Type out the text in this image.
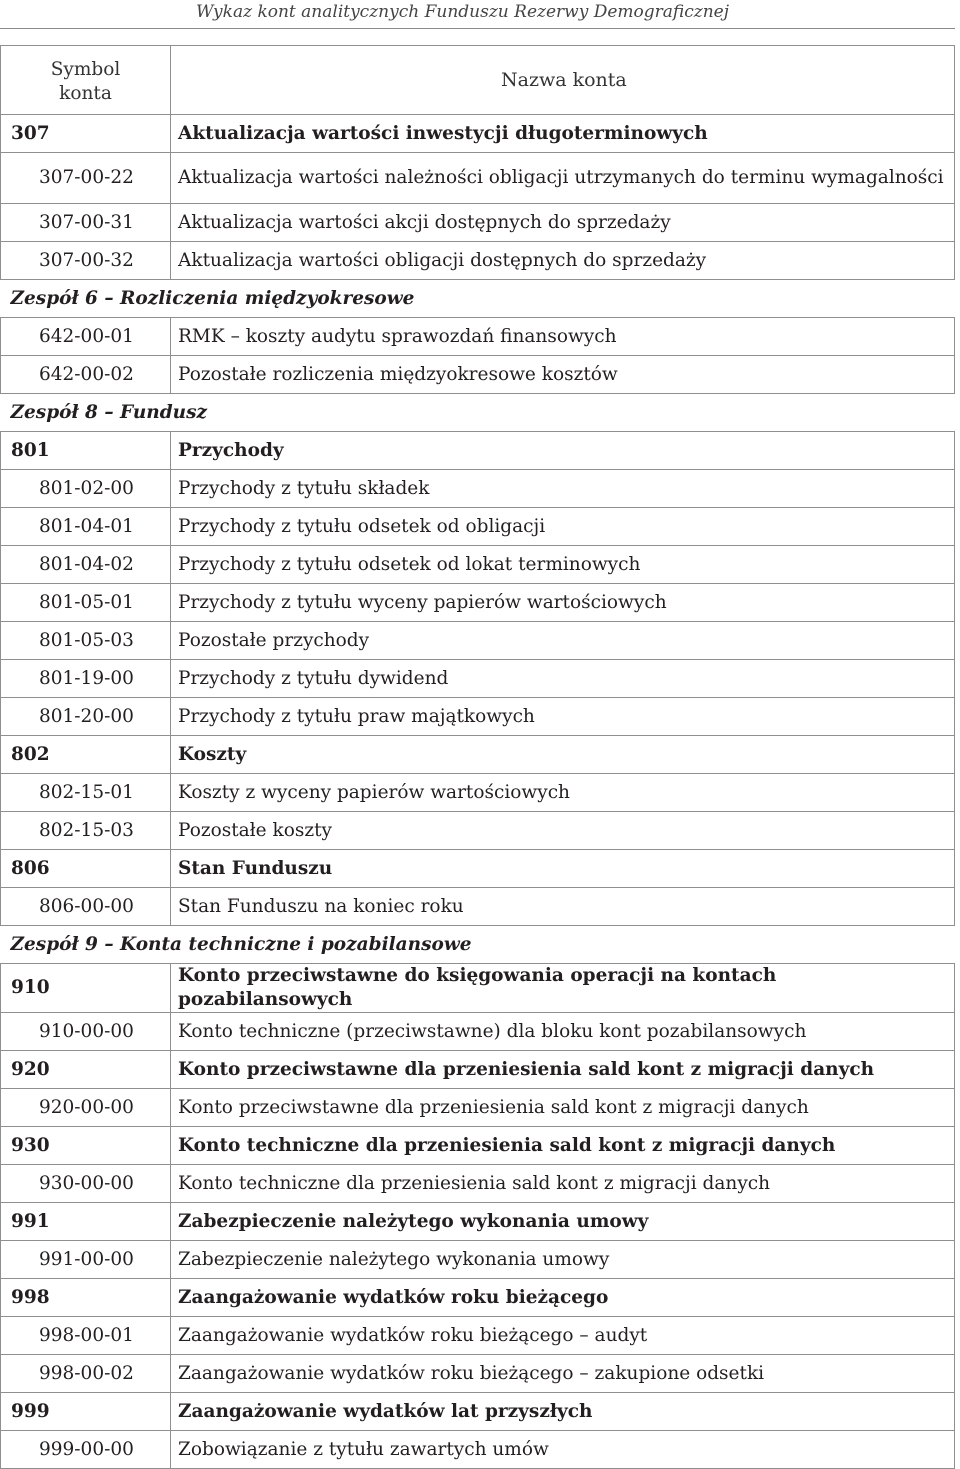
Wykaz kont analitycznych Funduszu Rezerwy Demograficznej
Symbol
konta	Nazwa konta
307	Aktualizacja wartości inwestycji długoterminowych
307-00-22	Aktualizacja wartości należności obligacji utrzymanych do terminu wymagalności
307-00-31	Aktualizacja wartości akcji dostępnych do sprzedaży
307-00-32	Aktualizacja wartości obligacji dostępnych do sprzedaży
Zespół 6 – Rozliczenia międzyokresowe	
642-00-01	RMK – koszty audytu sprawozdań finansowych
642-00-02	Pozostałe rozliczenia międzyokresowe kosztów
Zespół 8 – Fundusz	
801	Przychody
801-02-00	Przychody z tytułu składek
801-04-01	Przychody z tytułu odsetek od obligacji
801-04-02	Przychody z tytułu odsetek od lokat terminowych
801-05-01	Przychody z tytułu wyceny papierów wartościowych
801-05-03	Pozostałe przychody
801-19-00	Przychody z tytułu dywidend
801-20-00	Przychody z tytułu praw majątkowych
802	Koszty
802-15-01	Koszty z wyceny papierów wartościowych
802-15-03	Pozostałe koszty
806	Stan Funduszu
806-00-00	Stan Funduszu na koniec roku
Zespół 9 – Konta techniczne i pozabilansowe	
910	Konto przeciwstawne do księgowania operacji na kontach pozabilansowych
910-00-00	Konto techniczne (przeciwstawne) dla bloku kont pozabilansowych
920	Konto przeciwstawne dla przeniesienia sald kont z migracji danych
920-00-00	Konto przeciwstawne dla przeniesienia sald kont z migracji danych
930	Konto techniczne dla przeniesienia sald kont z migracji danych
930-00-00	Konto techniczne dla przeniesienia sald kont z migracji danych
991	Zabezpieczenie należytego wykonania umowy
991-00-00	Zabezpieczenie należytego wykonania umowy
998	Zaangażowanie wydatków roku bieżącego
998-00-01	Zaangażowanie wydatków roku bieżącego – audyt
998-00-02	Zaangażowanie wydatków roku bieżącego – zakupione odsetki
999	Zaangażowanie wydatków lat przyszłych
999-00-00	Zobowiązanie z tytułu zawartych umów
